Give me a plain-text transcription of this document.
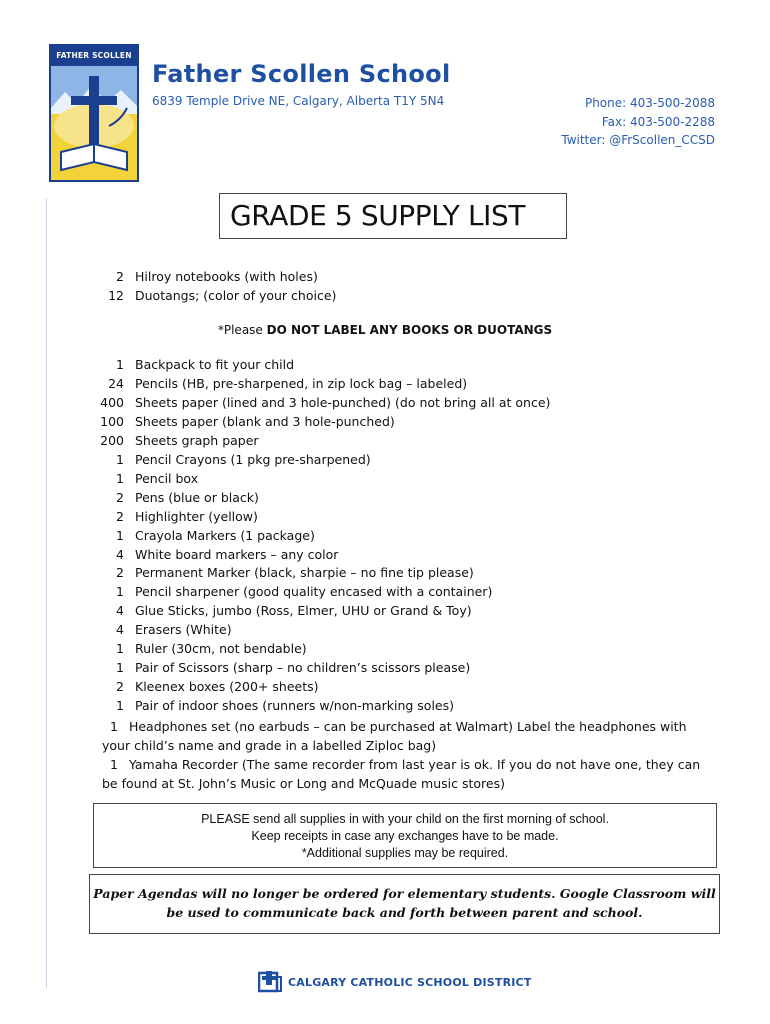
FATHER SCOLLEN
Father Scollen School
6839 Temple Drive NE, Calgary, Alberta T1Y 5N4	Phone: 403-500-2088
Fax: 403-500-2288
Twitter: @FrScollen_CCSD
GRADE 5 SUPPLY LIST
2 Hilroy notebooks (with holes)
12 Duotangs; (color of your choice)
*Please DO NOT LABEL ANY BOOKS OR DUOTANGS
1 Backpack to fit your child
24 Pencils (HB, pre-sharpened, in zip lock bag – labeled)
400 Sheets paper (lined and 3 hole-punched) (do not bring all at once)
100 Sheets paper (blank and 3 hole-punched)
200 Sheets graph paper
1 Pencil Crayons (1 pkg pre-sharpened)
1 Pencil box
2 Pens (blue or black)
2 Highlighter (yellow)
1 Crayola Markers (1 package)
4 White board markers – any color
2 Permanent Marker (black, sharpie – no fine tip please)
1 Pencil sharpener (good quality encased with a container)
4 Glue Sticks, jumbo (Ross, Elmer, UHU or Grand & Toy)
4 Erasers (White)
1 Ruler (30cm, not bendable)
1 Pair of Scissors (sharp – no children’s scissors please)
2 Kleenex boxes (200+ sheets)
1 Pair of indoor shoes (runners w/non-marking soles)
1 Headphones set (no earbuds – can be purchased at Walmart) Label the headphones with your child’s name and grade in a labelled Ziploc bag)
1 Yamaha Recorder (The same recorder from last year is ok. If you do not have one, they can be found at St. John’s Music or Long and McQuade music stores)
PLEASE send all supplies in with your child on the first morning of school.
Keep receipts in case any exchanges have to be made.
*Additional supplies may be required.
Paper Agendas will no longer be ordered for elementary students. Google Classroom will
be used to communicate back and forth between parent and school.
CALGARY CATHOLIC SCHOOL DISTRICT
